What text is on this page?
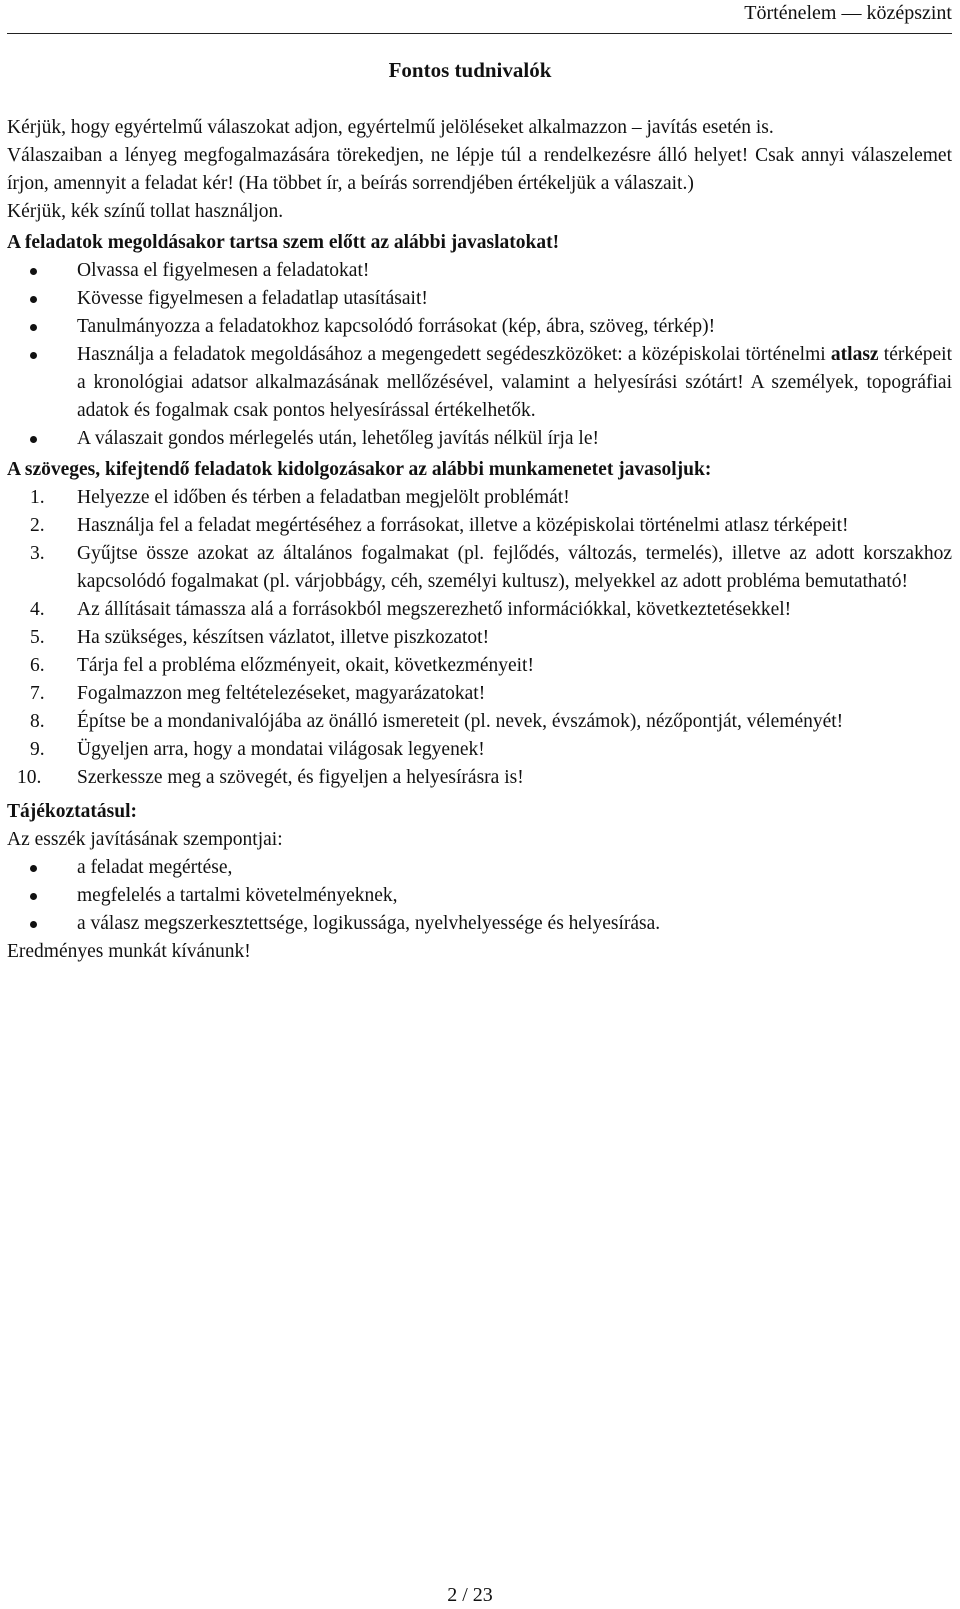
Történelem — középszint
Fontos tudnivalók

Kérjük, hogy egyértelmű válaszokat adjon, egyértelmű jelöléseket alkalmazzon – javítás esetén is.

Válaszaiban a lényeg megfogalmazására törekedjen, ne lépje túl a rendelkezésre álló helyet! Csak annyi válaszelemet írjon, amennyit a feladat kér! (Ha többet ír, a beírás sorrendjében értékeljük a válaszait.)

Kérjük, kék színű tollat használjon.

A feladatok megoldásakor tartsa szem előtt az alábbi javaslatokat!

Olvassa el figyelmesen a feladatokat!
Kövesse figyelmesen a feladatlap utasításait!
Tanulmányozza a feladatokhoz kapcsolódó forrásokat (kép, ábra, szöveg, térkép)!
Használja a feladatok megoldásához a megengedett segédeszközöket: a középiskolai történelmi atlasz térképeit a kronológiai adatsor alkalmazásának mellőzésével, valamint a helyesírási szótárt! A személyek, topográfiai adatok és fogalmak csak pontos helyesírással értékelhetők.
A válaszait gondos mérlegelés után, lehetőleg javítás nélkül írja le!

A szöveges, kifejtendő feladatok kidolgozásakor az alábbi munkamenetet javasoljuk:

1.	Helyezze el időben és térben a feladatban megjelölt problémát!
2.	Használja fel a feladat megértéséhez a forrásokat, illetve a középiskolai történelmi atlasz térképeit!
3.	Gyűjtse össze azokat az általános fogalmakat (pl. fejlődés, változás, termelés), illetve az adott korszakhoz kapcsolódó fogalmakat (pl. várjobbágy, céh, személyi kultusz), melyekkel az adott probléma bemutatható!
4.	Az állításait támassza alá a forrásokból megszerezhető információkkal, következtetésekkel!
5.	Ha szükséges, készítsen vázlatot, illetve piszkozatot!
6.	Tárja fel a probléma előzményeit, okait, következményeit!
7.	Fogalmazzon meg feltételezéseket, magyarázatokat!
8.	Építse be a mondanivalójába az önálló ismereteit (pl. nevek, évszámok), nézőpontját, véleményét!
9.	Ügyeljen arra, hogy a mondatai világosak legyenek!
10.	Szerkessze meg a szövegét, és figyeljen a helyesírásra is!

Tájékoztatásul:

Az esszék javításának szempontjai:

a feladat megértése,
megfelelés a tartalmi követelményeknek,
a válasz megszerkesztettsége, logikussága, nyelvhelyessége és helyesírása.

Eredményes munkát kívánunk!

2 / 23
